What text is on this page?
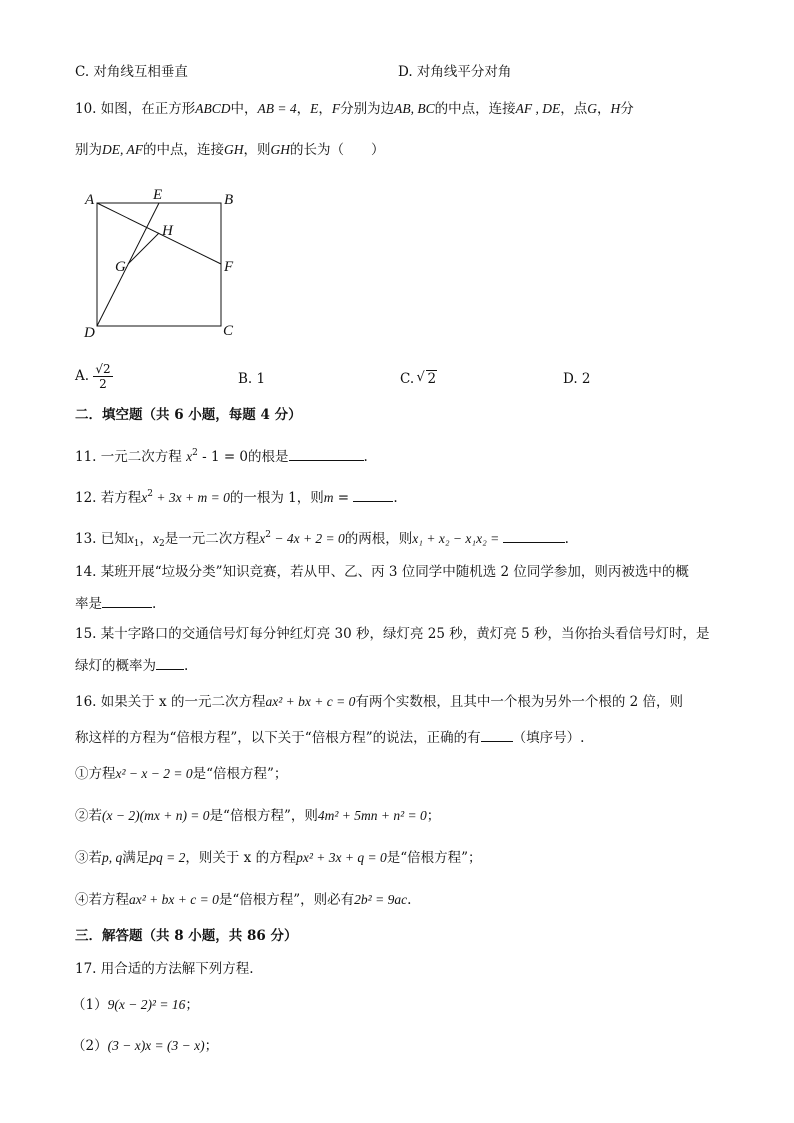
C. 对角线互相垂直	D. 对角线平分对角
10. 如图，在正方形ABCD中，AB = 4，E，F分别为边AB, BC的中点，连接AF , DE，点G，H分
别为DE, AF的中点，连接GH，则GH的长为（　　）
A	E	B
H
G	F
D	C
A. $\frac{√2}{2}$	B. 1	C. √ 2	D. 2
二．填空题（共 6 小题，每题 4 分）
11. 一元二次方程 $x^2 - 1 = 0$的根是	.
12. 若方程$x^2 + 3x + m = 0$的一根为 1，则m =	.
13. 已知$x_1$，$x_2$是一元二次方程$x^2 - 4x + 2 = 0$的两根，则x₁ + x₂ − x₁x₂ =	.
14. 某班开展“垃圾分类”知识竞赛，若从甲、乙、丙 3 位同学中随机选 2 位同学参加，则丙被选中的概
率是	.
15. 某十字路口的交通信号灯每分钟红灯亮 30 秒，绿灯亮 25 秒，黄灯亮 5 秒，当你抬头看信号灯时，是
绿灯的概率为 .
16. 如果关于 x 的一元二次方程ax² + bx + c = 0有两个实数根，且其中一个根为另外一个根的 2 倍，则
称这样的方程为“倍根方程”，以下关于“倍根方程”的说法，正确的有 （填序号）.
①方程x² − x − 2 = 0是“倍根方程”；
②若(x − 2)(mx + n) = 0是“倍根方程”，则4m² + 5mn + n² = 0；
③若p, q满足pq = 2，则关于 x 的方程px² + 3x + q = 0是“倍根方程”；
④若方程ax² + bx + c = 0是“倍根方程”，则必有2b² = 9ac.
三．解答题（共 8 小题，共 86 分）
17. 用合适的方法解下列方程.
（1）9(x − 2)² = 16；
（2）(3 − x)x = (3 − x)；
